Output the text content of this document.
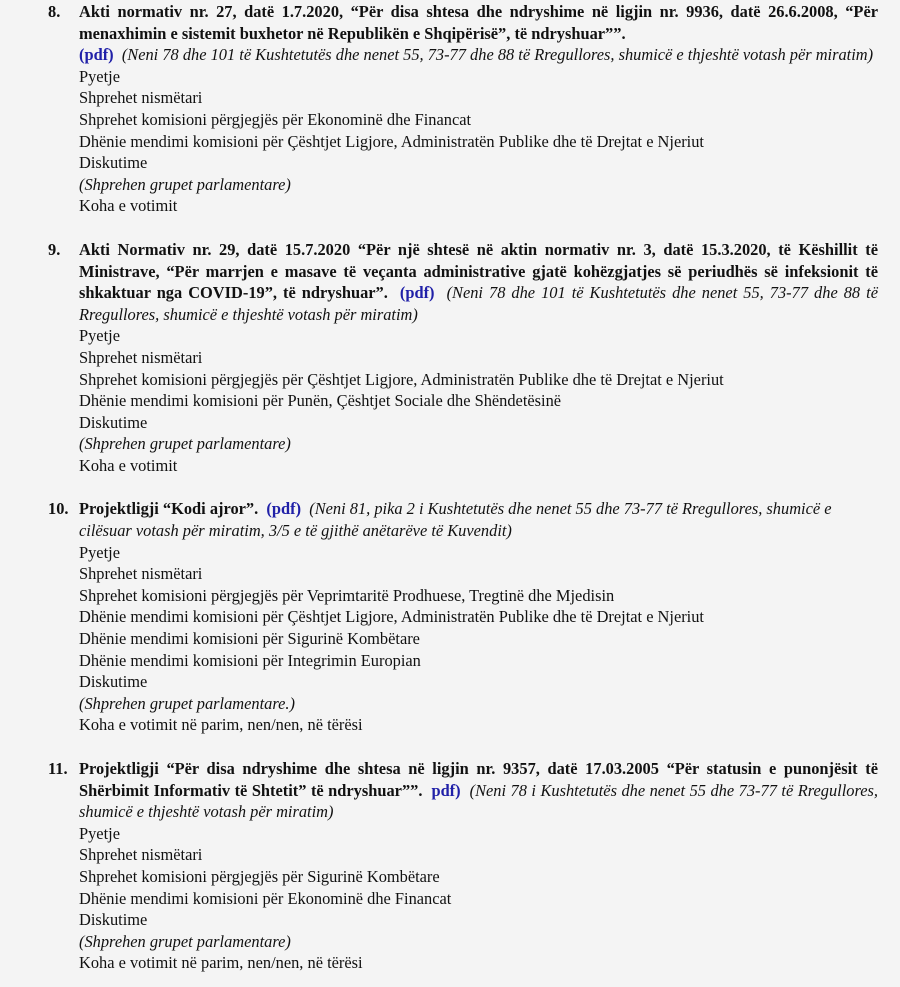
8. Akti normativ nr. 27, datë 1.7.2020, “Për disa shtesa dhe ndryshime në ligjin nr. 9936, datë 26.6.2008, “Për menaxhimin e sistemit buxhetor në Republikën e Shqipërisë”, të ndryshuar””.
(pdf) (Neni 78 dhe 101 të Kushtetutës dhe nenet 55, 73-77 dhe 88 të Rregullores, shumicë e thjeshtë votash për miratim)
Pyetje
Shprehet nismëtari
Shprehet komisioni përgjegjës për Ekonominë dhe Financat
Dhënie mendimi komisioni për Çështjet Ligjore, Administratën Publike dhe të Drejtat e Njeriut
Diskutime
(Shprehen grupet parlamentare)
Koha e votimit
9. Akti Normativ nr. 29, datë 15.7.2020 “Për një shtesë në aktin normativ nr. 3, datë 15.3.2020, të Këshillit të Ministrave, “Për marrjen e masave të veçanta administrative gjatë kohëzgjatjes së periudhës së infeksionit të shkaktuar nga COVID-19”, të ndryshuar”. (pdf) (Neni 78 dhe 101 të Kushtetutës dhe nenet 55, 73-77 dhe 88 të Rregullores, shumicë e thjeshtë votash për miratim)
Pyetje
Shprehet nismëtari
Shprehet komisioni përgjegjës për Çështjet Ligjore, Administratën Publike dhe të Drejtat e Njeriut
Dhënie mendimi komisioni për Punën, Çështjet Sociale dhe Shëndetësinë
Diskutime
(Shprehen grupet parlamentare)
Koha e votimit
10. Projektligji “Kodi ajror”. (pdf) (Neni 81, pika 2 i Kushtetutës dhe nenet 55 dhe 73-77 të Rregullores, shumicë e cilësuar votash për miratim, 3/5 e të gjithë anëtarëve të Kuvendit)
Pyetje
Shprehet nismëtari
Shprehet komisioni përgjegjës për Veprimtaritë Prodhuese, Tregtinë dhe Mjedisin
Dhënie mendimi komisioni për Çështjet Ligjore, Administratën Publike dhe të Drejtat e Njeriut
Dhënie mendimi komisioni për Sigurinë Kombëtare
Dhënie mendimi komisioni për Integrimin Europian
Diskutime
(Shprehen grupet parlamentare.)
Koha e votimit në parim, nen/nen, në tërësi
11. Projektligji “Për disa ndryshime dhe shtesa në ligjin nr. 9357, datë 17.03.2005 “Për statusin e punonjësit të Shërbimit Informativ të Shtetit” të ndryshuar””. pdf) (Neni 78 i Kushtetutës dhe nenet 55 dhe 73-77 të Rregullores, shumicë e thjeshtë votash për miratim)
Pyetje
Shprehet nismëtari
Shprehet komisioni përgjegjës për Sigurinë Kombëtare
Dhënie mendimi komisioni për Ekonominë dhe Financat
Diskutime
(Shprehen grupet parlamentare)
Koha e votimit në parim, nen/nen, në tërësi
